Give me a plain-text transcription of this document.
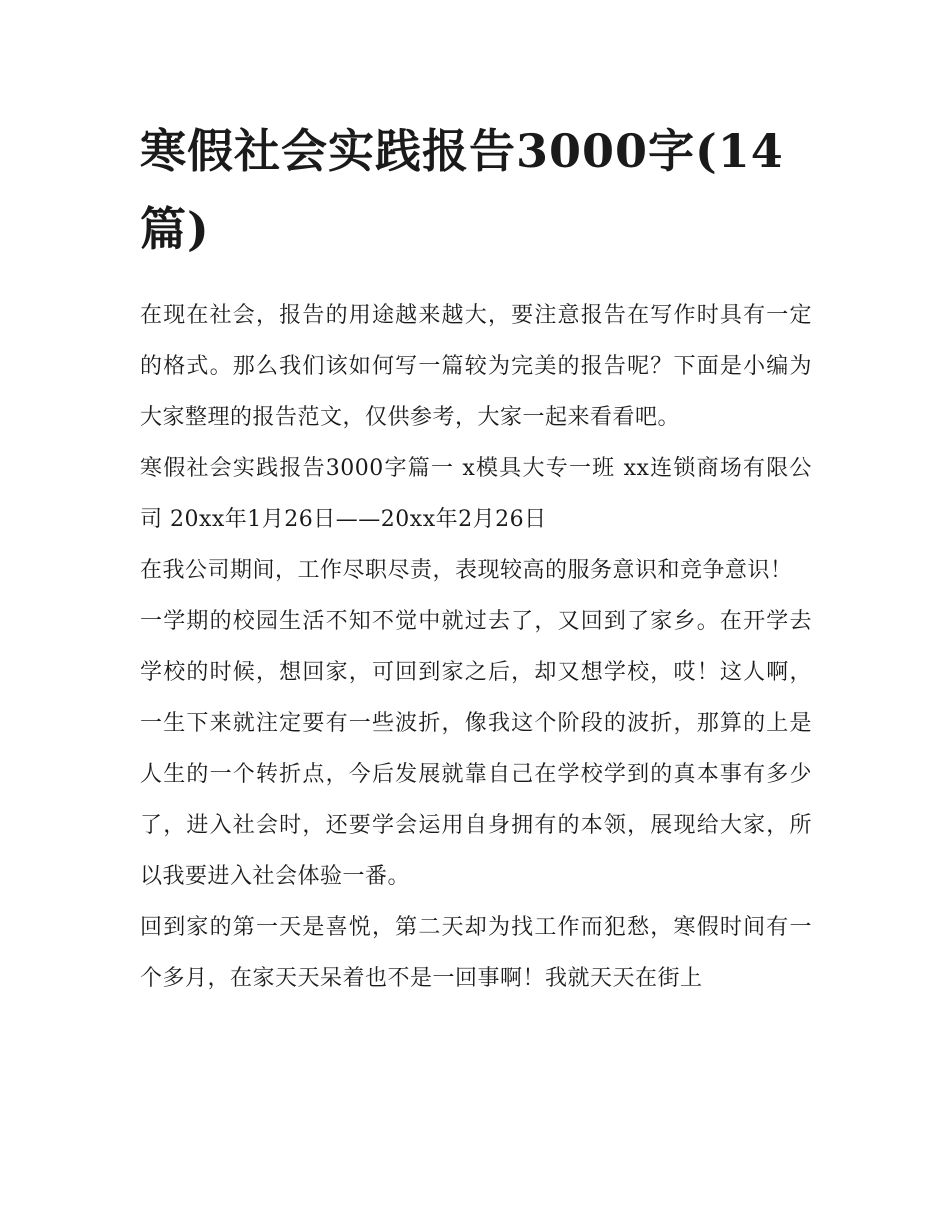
寒假社会实践报告3000字(14篇)

在现在社会，报告的用途越来越大，要注意报告在写作时具有一定的格式。那么我们该如何写一篇较为完美的报告呢？下面是小编为大家整理的报告范文，仅供参考，大家一起来看看吧。

寒假社会实践报告3000字篇一 x模具大专一班 xx连锁商场有限公司 20xx年1月26日——20xx年2月26日

在我公司期间，工作尽职尽责，表现较高的服务意识和竞争意识！

一学期的校园生活不知不觉中就过去了，又回到了家乡。在开学去学校的时候，想回家，可回到家之后，却又想学校，哎！这人啊，一生下来就注定要有一些波折，像我这个阶段的波折，那算的上是人生的一个转折点，今后发展就靠自己在学校学到的真本事有多少了，进入社会时，还要学会运用自身拥有的本领，展现给大家，所以我要进入社会体验一番。

回到家的第一天是喜悦，第二天却为找工作而犯愁，寒假时间有一个多月，在家天天呆着也不是一回事啊！我就天天在街上
